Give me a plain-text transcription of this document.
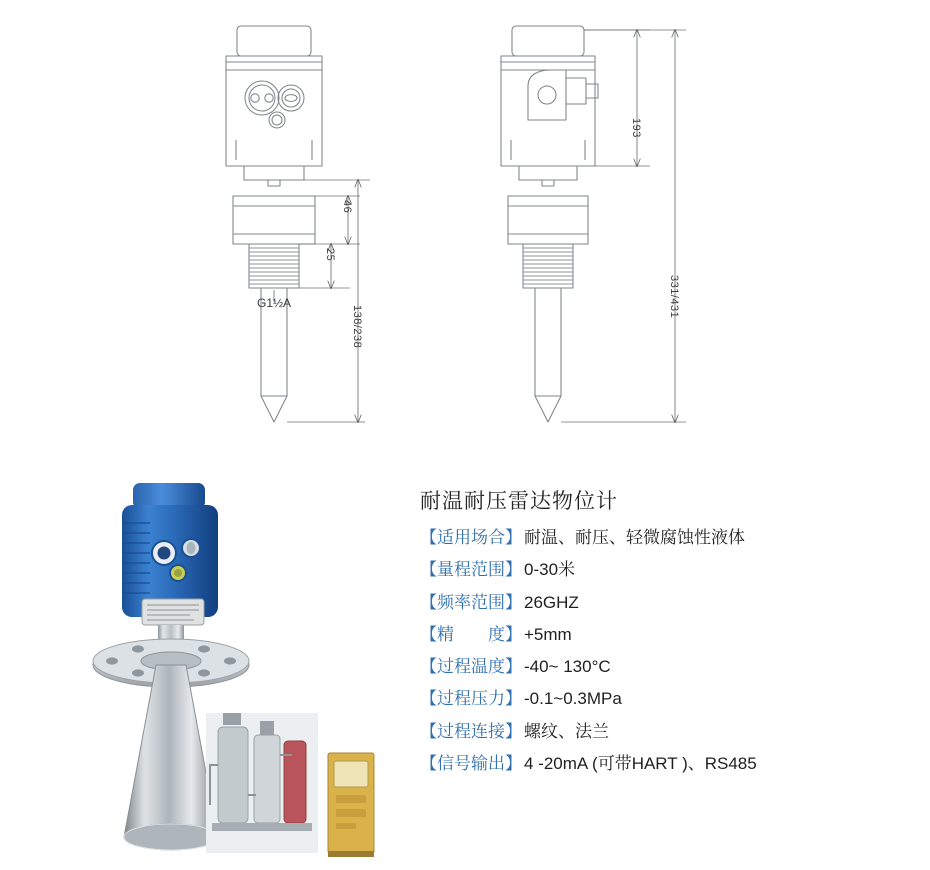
46
25
G1½A
138/238
193
331/431
耐温耐压雷达物位计
【适用场合】 耐温、耐压、轻微腐蚀性液体
【量程范围】 0-30米
【频率范围】 26GHZ
【精　　度】 +5mm
【过程温度】 -40~ 130°C
【过程压力】 -0.1~0.3MPa
【过程连接】 螺纹、法兰
【信号输出】 4 -20mA (可带HART )、RS485
